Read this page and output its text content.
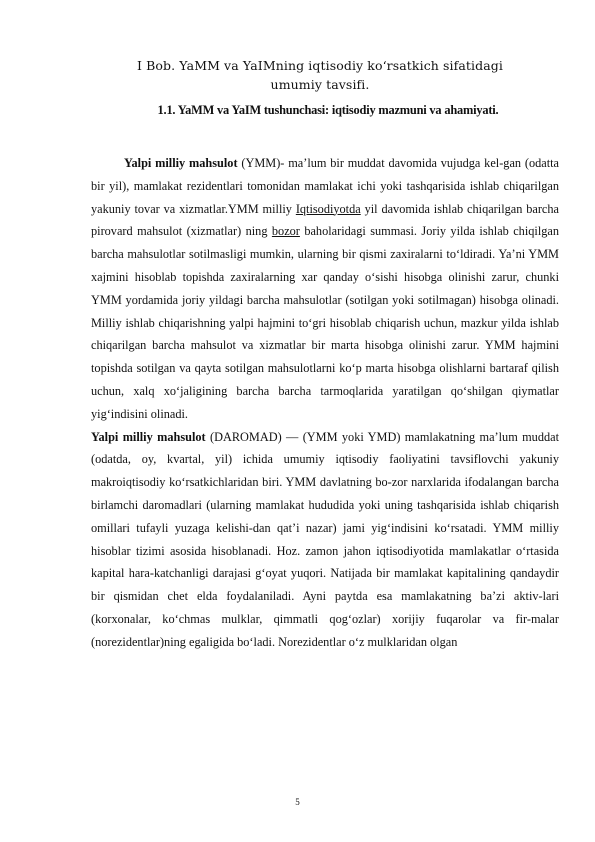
I Bob. YaMM va YaIMning iqtisodiy ko‘rsatkich sifatidagi umumiy tavsifi.
1.1. YaMM va YaIM tushunchasi: iqtisodiy mazmuni va ahamiyati.

Yalpi milliy mahsulot (YMM)- ma’lum bir muddat davomida vujudga kel-gan (odatta bir yil), mamlakat rezidentlari tomonidan mamlakat ichi yoki tashqarisida ishlab chiqarilgan yakuniy tovar va xizmatlar.YMM milliy Iqtisodiyotda yil davomida ishlab chiqarilgan barcha pirovard mahsulot (xizmatlar) ning bozor baholaridagi summasi. Joriy yilda ishlab chiqilgan barcha mahsulotlar sotilmasligi mumkin, ularning bir qismi zaxiralarni to‘ldiradi. Ya’ni YMM xajmini hisoblab topishda zaxiralarning xar qanday o‘sishi hisobga olinishi zarur, chunki YMM yordamida joriy yildagi barcha mahsulotlar (sotilgan yoki sotilmagan) hisobga olinadi. Milliy ishlab chiqarishning yalpi hajmini to‘gri hisoblab chiqarish uchun, mazkur yilda ishlab chiqarilgan barcha mahsulot va xizmatlar bir marta hisobga olinishi zarur. YMM hajmini topishda sotilgan va qayta sotilgan mahsulotlarni ko‘p marta hisobga olishlarni bartaraf qilish uchun, xalq xo‘jaligining barcha barcha tarmoqlarida yaratilgan qo‘shilgan qiymatlar yig‘indisini olinadi.

Yalpi milliy mahsulot (DAROMAD) — (YMM yoki YMD) mamlakatning ma’lum muddat (odatda, oy, kvartal, yil) ichida umumiy iqtisodiy faoliyatini tavsiflovchi yakuniy makroiqtisodiy ko‘rsatkichlaridan biri. YMM davlatning bo-zor narxlarida ifodalangan barcha birlamchi daromadlari (ularning mamlakat hududida yoki uning tashqarisida ishlab chiqarish omillari tufayli yuzaga kelishi-dan qat’i nazar) jami yig‘indisini ko‘rsatadi. YMM milliy hisoblar tizimi asosida hisoblanadi. Hoz. zamon jahon iqtisodiyotida mamlakatlar o‘rtasida kapital hara-katchanligi darajasi g‘oyat yuqori. Natijada bir mamlakat kapitalining qandaydir bir qismidan chet elda foydalaniladi. Ayni paytda esa mamlakatning ba’zi aktiv-lari (korxonalar, ko‘chmas mulklar, qimmatli qog‘ozlar) xorijiy fuqarolar va fir-malar (norezidentlar)ning egaligida bo‘ladi. Norezidentlar o‘z mulklaridan olgan

5
